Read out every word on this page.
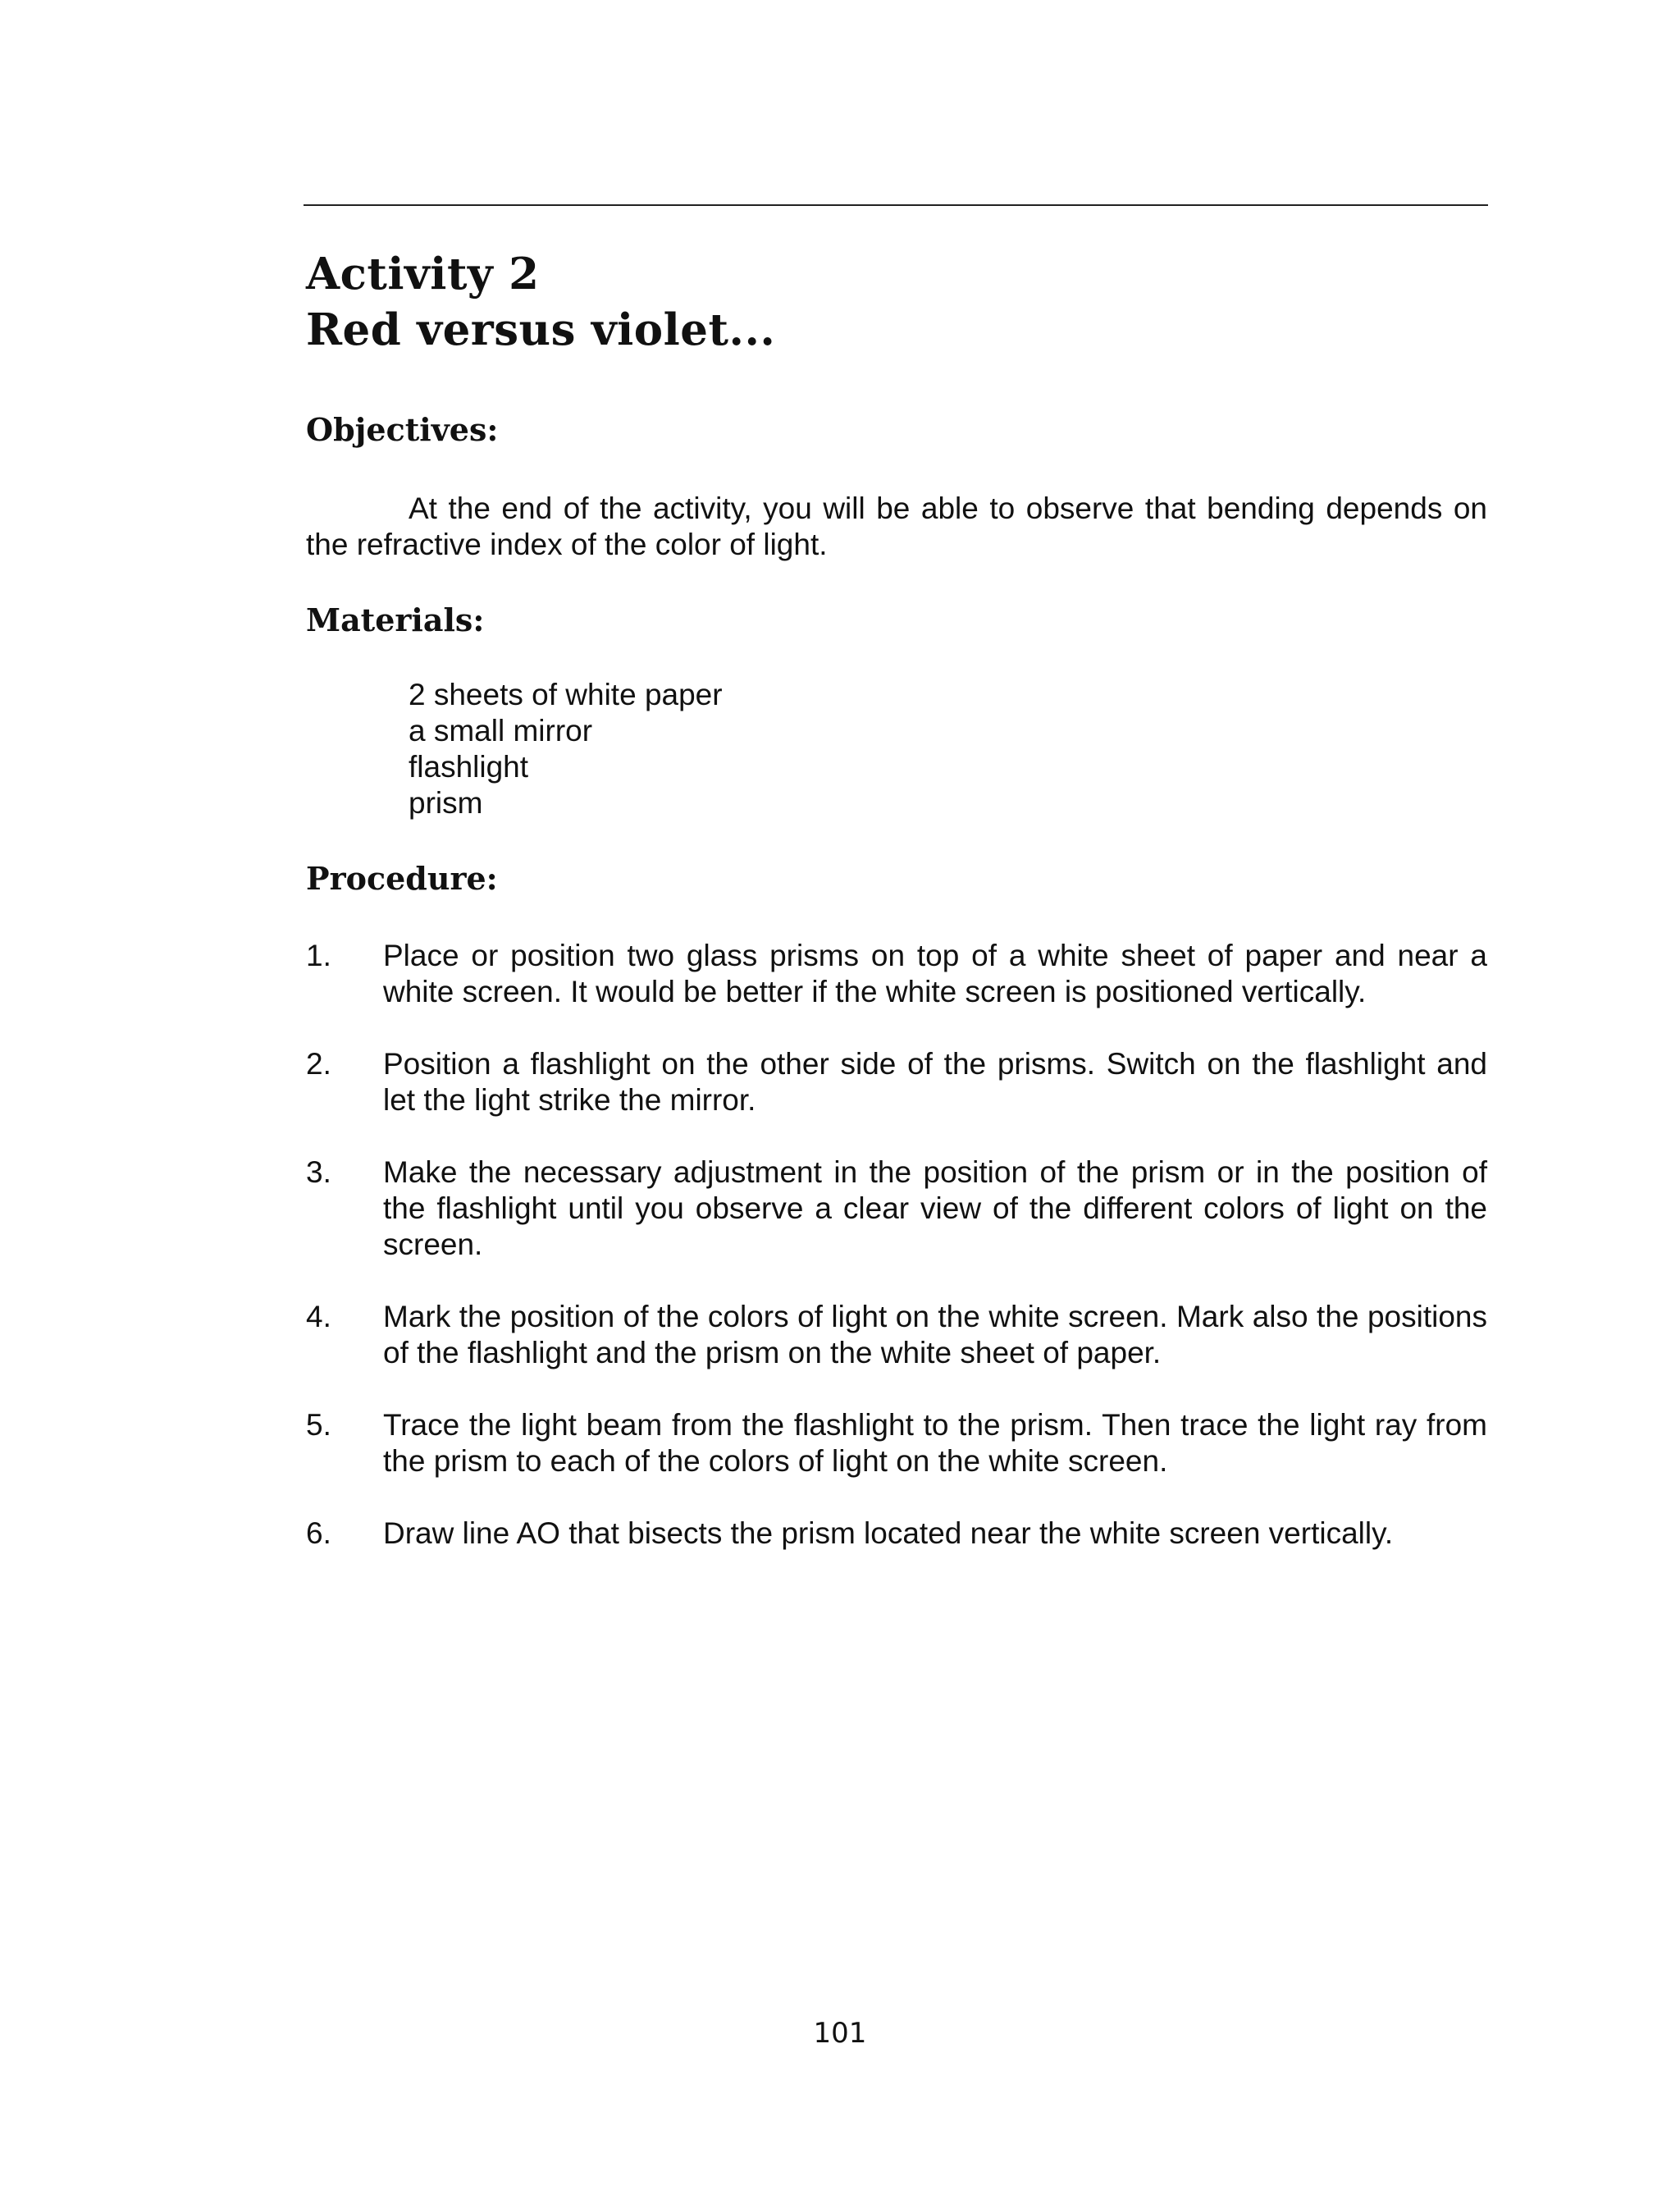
Activity 2
Red versus violet...
Objectives:

At the end of the activity, you will be able to observe that bending depends on the refractive index of the color of light.

Materials:
2 sheets of white paper
a small mirror
flashlight
prism
Procedure:
1.	Place or position two glass prisms on top of a white sheet of paper and near a white screen. It would be better if the white screen is positioned vertically.
2.	Position a flashlight on the other side of the prisms. Switch on the flashlight and let the light strike the mirror.
3.	Make the necessary adjustment in the position of the prism or in the position of the flashlight until you observe a clear view of the different colors of light on the screen.
4.	Mark the position of the colors of light on the white screen. Mark also the positions of the flashlight and the prism on the white sheet of paper.
5.	Trace the light beam from the flashlight to the prism. Then trace the light ray from the prism to each of the colors of light on the white screen.
6.	Draw line AO that bisects the prism located near the white screen vertically.
101
